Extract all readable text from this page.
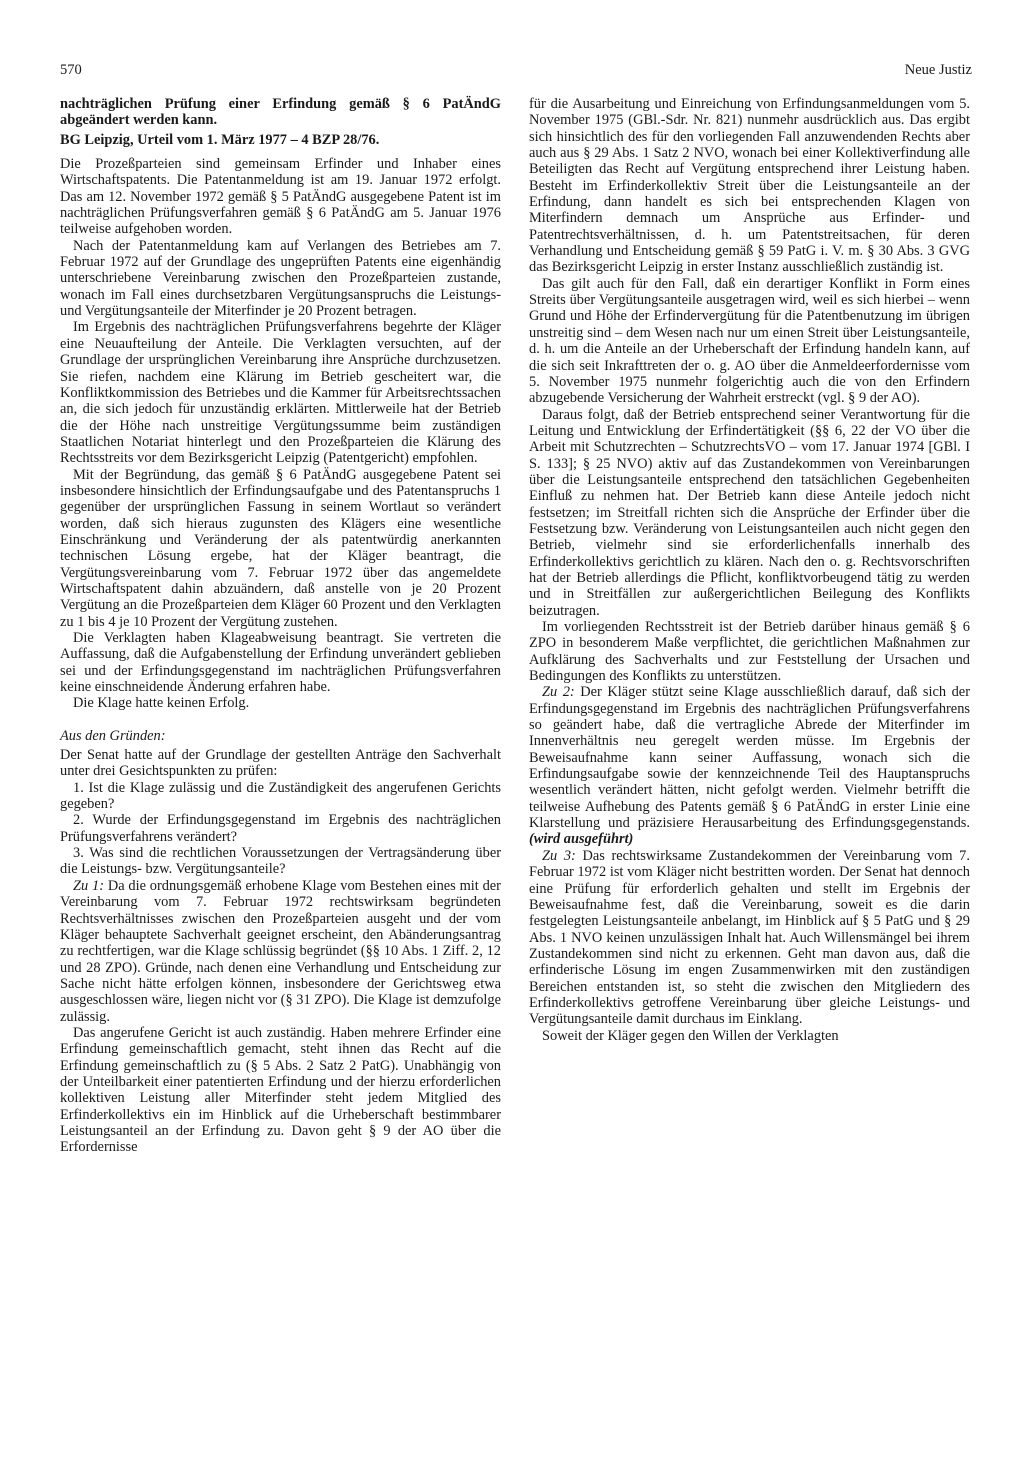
570	Neue Justiz

nachträglichen Prüfung einer Erfindung gemäß § 6 PatÄndG abgeändert werden kann.

BG Leipzig, Urteil vom 1. März 1977 – 4 BZP 28/76.

Die Prozeßparteien sind gemeinsam Erfinder und Inhaber eines Wirtschaftspatents. Die Patentanmeldung ist am 19. Januar 1972 erfolgt. Das am 12. November 1972 gemäß § 5 PatÄndG ausgegebene Patent ist im nachträglichen Prüfungsverfahren gemäß § 6 PatÄndG am 5. Januar 1976 teilweise aufgehoben worden.

Nach der Patentanmeldung kam auf Verlangen des Betriebes am 7. Februar 1972 auf der Grundlage des ungeprüften Patents eine eigenhändig unterschriebene Vereinbarung zwischen den Prozeßparteien zustande, wonach im Fall eines durchsetzbaren Vergütungsanspruchs die Leistungs- und Vergütungsanteile der Miterfinder je 20 Prozent betragen.

Im Ergebnis des nachträglichen Prüfungsverfahrens begehrte der Kläger eine Neuaufteilung der Anteile. Die Verklagten versuchten, auf der Grundlage der ursprünglichen Vereinbarung ihre Ansprüche durchzusetzen. Sie riefen, nachdem eine Klärung im Betrieb gescheitert war, die Konfliktkommission des Betriebes und die Kammer für Arbeitsrechtssachen an, die sich jedoch für unzuständig erklärten. Mittlerweile hat der Betrieb die der Höhe nach unstreitige Vergütungssumme beim zuständigen Staatlichen Notariat hinterlegt und den Prozeßparteien die Klärung des Rechtsstreits vor dem Bezirksgericht Leipzig (Patentgericht) empfohlen.

Mit der Begründung, das gemäß § 6 PatÄndG ausgegebene Patent sei insbesondere hinsichtlich der Erfindungsaufgabe und des Patentanspruchs 1 gegenüber der ursprünglichen Fassung in seinem Wortlaut so verändert worden, daß sich hieraus zugunsten des Klägers eine wesentliche Einschränkung und Veränderung der als patentwürdig anerkannten technischen Lösung ergebe, hat der Kläger beantragt, die Vergütungsvereinbarung vom 7. Februar 1972 über das angemeldete Wirtschaftspatent dahin abzuändern, daß anstelle von je 20 Prozent Vergütung an die Prozeßparteien dem Kläger 60 Prozent und den Verklagten zu 1 bis 4 je 10 Prozent der Vergütung zustehen.

Die Verklagten haben Klageabweisung beantragt. Sie vertreten die Auffassung, daß die Aufgabenstellung der Erfindung unverändert geblieben sei und der Erfindungsgegenstand im nachträglichen Prüfungsverfahren keine einschneidende Änderung erfahren habe.

Die Klage hatte keinen Erfolg.

Aus den Gründen:

Der Senat hatte auf der Grundlage der gestellten Anträge den Sachverhalt unter drei Gesichtspunkten zu prüfen:

1. Ist die Klage zulässig und die Zuständigkeit des angerufenen Gerichts gegeben?

2. Wurde der Erfindungsgegenstand im Ergebnis des nachträglichen Prüfungsverfahrens verändert?

3. Was sind die rechtlichen Voraussetzungen der Vertragsänderung über die Leistungs- bzw. Vergütungsanteile?

Zu 1: Da die ordnungsgemäß erhobene Klage vom Bestehen eines mit der Vereinbarung vom 7. Februar 1972 rechtswirksam begründeten Rechtsverhältnisses zwischen den Prozeßparteien ausgeht und der vom Kläger behauptete Sachverhalt geeignet erscheint, den Abänderungsantrag zu rechtfertigen, war die Klage schlüssig begründet (§§ 10 Abs. 1 Ziff. 2, 12 und 28 ZPO). Gründe, nach denen eine Verhandlung und Entscheidung zur Sache nicht hätte erfolgen können, insbesondere der Gerichtsweg etwa ausgeschlossen wäre, liegen nicht vor (§ 31 ZPO). Die Klage ist demzufolge zulässig.

Das angerufene Gericht ist auch zuständig. Haben mehrere Erfinder eine Erfindung gemeinschaftlich gemacht, steht ihnen das Recht auf die Erfindung gemeinschaftlich zu (§ 5 Abs. 2 Satz 2 PatG). Unabhängig von der Unteilbarkeit einer patentierten Erfindung und der hierzu erforderlichen kollektiven Leistung aller Miterfinder steht jedem Mitglied des Erfinderkollektivs ein im Hinblick auf die Urheberschaft bestimmbarer Leistungsanteil an der Erfindung zu. Davon geht § 9 der AO über die Erfordernisse

für die Ausarbeitung und Einreichung von Erfindungsanmeldungen vom 5. November 1975 (GBl.-Sdr. Nr. 821) nunmehr ausdrücklich aus. Das ergibt sich hinsichtlich des für den vorliegenden Fall anzuwendenden Rechts aber auch aus § 29 Abs. 1 Satz 2 NVO, wonach bei einer Kollektiverfindung alle Beteiligten das Recht auf Vergütung entsprechend ihrer Leistung haben. Besteht im Erfinderkollektiv Streit über die Leistungsanteile an der Erfindung, dann handelt es sich bei entsprechenden Klagen von Miterfindern demnach um Ansprüche aus Erfinder- und Patentrechtsverhältnissen, d. h. um Patentstreitsachen, für deren Verhandlung und Entscheidung gemäß § 59 PatG i. V. m. § 30 Abs. 3 GVG das Bezirksgericht Leipzig in erster Instanz ausschließlich zuständig ist.

Das gilt auch für den Fall, daß ein derartiger Konflikt in Form eines Streits über Vergütungsanteile ausgetragen wird, weil es sich hierbei – wenn Grund und Höhe der Erfindervergütung für die Patentbenutzung im übrigen unstreitig sind – dem Wesen nach nur um einen Streit über Leistungsanteile, d. h. um die Anteile an der Urheberschaft der Erfindung handeln kann, auf die sich seit Inkrafttreten der o. g. AO über die Anmeldeerfordernisse vom 5. November 1975 nunmehr folgerichtig auch die von den Erfindern abzugebende Versicherung der Wahrheit erstreckt (vgl. § 9 der AO).

Daraus folgt, daß der Betrieb entsprechend seiner Verantwortung für die Leitung und Entwicklung der Erfindertätigkeit (§§ 6, 22 der VO über die Arbeit mit Schutzrechten – SchutzrechtsVO – vom 17. Januar 1974 [GBl. I S. 133]; § 25 NVO) aktiv auf das Zustandekommen von Vereinbarungen über die Leistungsanteile entsprechend den tatsächlichen Gegebenheiten Einfluß zu nehmen hat. Der Betrieb kann diese Anteile jedoch nicht festsetzen; im Streitfall richten sich die Ansprüche der Erfinder über die Festsetzung bzw. Veränderung von Leistungsanteilen auch nicht gegen den Betrieb, vielmehr sind sie erforderlichenfalls innerhalb des Erfinderkollektivs gerichtlich zu klären. Nach den o. g. Rechtsvorschriften hat der Betrieb allerdings die Pflicht, konfliktvorbeugend tätig zu werden und in Streitfällen zur außergerichtlichen Beilegung des Konflikts beizutragen.

Im vorliegenden Rechtsstreit ist der Betrieb darüber hinaus gemäß § 6 ZPO in besonderem Maße verpflichtet, die gerichtlichen Maßnahmen zur Aufklärung des Sachverhalts und zur Feststellung der Ursachen und Bedingungen des Konflikts zu unterstützen.

Zu 2: Der Kläger stützt seine Klage ausschließlich darauf, daß sich der Erfindungsgegenstand im Ergebnis des nachträglichen Prüfungsverfahrens so geändert habe, daß die vertragliche Abrede der Miterfinder im Innenverhältnis neu geregelt werden müsse. Im Ergebnis der Beweisaufnahme kann seiner Auffassung, wonach sich die Erfindungsaufgabe sowie der kennzeichnende Teil des Hauptanspruchs wesentlich verändert hätten, nicht gefolgt werden. Vielmehr betrifft die teilweise Aufhebung des Patents gemäß § 6 PatÄndG in erster Linie eine Klarstellung und präzisiere Herausarbeitung des Erfindungsgegenstands. (wird ausgeführt)

Zu 3: Das rechtswirksame Zustandekommen der Vereinbarung vom 7. Februar 1972 ist vom Kläger nicht bestritten worden. Der Senat hat dennoch eine Prüfung für erforderlich gehalten und stellt im Ergebnis der Beweisaufnahme fest, daß die Vereinbarung, soweit es die darin festgelegten Leistungsanteile anbelangt, im Hinblick auf § 5 PatG und § 29 Abs. 1 NVO keinen unzulässigen Inhalt hat. Auch Willensmängel bei ihrem Zustandekommen sind nicht zu erkennen. Geht man davon aus, daß die erfinderische Lösung im engen Zusammenwirken mit den zuständigen Bereichen entstanden ist, so steht die zwischen den Mitgliedern des Erfinderkollektivs getroffene Vereinbarung über gleiche Leistungs- und Vergütungsanteile damit durchaus im Einklang.

Soweit der Kläger gegen den Willen der Verklagten
